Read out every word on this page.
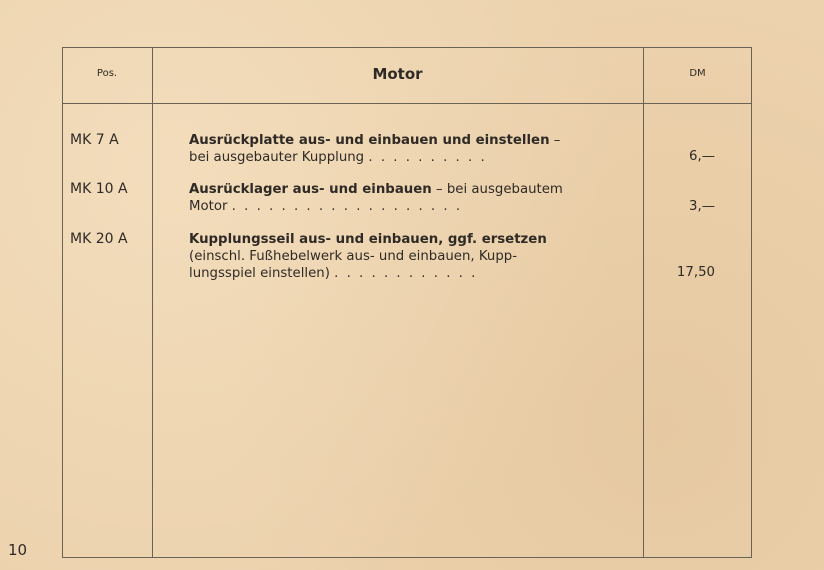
Pos.	Motor	DM
MK 7 A	Ausrückplatte aus- und einbauen und einstellen –
bei ausgebauter Kupplung . . . . . . . . . .	6,—
MK 10 A	Ausrücklager aus- und einbauen – bei ausgebautem
Motor . . . . . . . . . . . . . . . . . . .	3,—
MK 20 A	Kupplungsseil aus- und einbauen, ggf. ersetzen
(einschl. Fußhebelwerk aus- und einbauen, Kupp-
lungsspiel einstellen) . . . . . . . . . . . .	17,50
10
